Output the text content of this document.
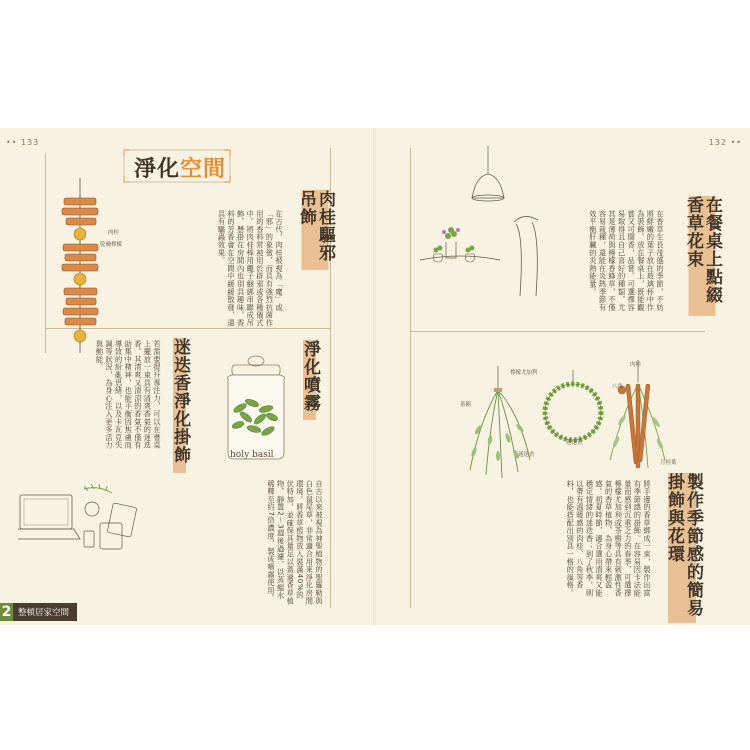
•• 133	132 ••
淨化空間
肉桂
乾燥檸檬	肉桂驅邪吊飾
在古代，肉桂被視為「魔」或「邪」的象徵，而具有強烈抗菌作用的香料常被用於辟邪或各種儀式中。將肉桂棒用繩子綑綁串聯成吊飾，懸掛在房間內也別具趣味，香料的芳香會在空間中緩緩散發，還具有驅蟲效果。
淨化噴霧
holy basil
自古以來被視為神聖植物的聖羅勒與白色鼠尾草，非常適合用來淨化房間環境。將香草植物放入裝滿40%的伏特加，並確保其量足以蓋過香草植物，靜置2～3週後過濾，以蒸餾水稀釋至約7倍濃度，製成噴霧使用。
迷迭香淨化掛飾
若需要提升專注力，可以在書桌上擺放一束具有清爽香氣的迷迭香。其清爽又清涼的香氣不僅有助集中精神，也能平衡因焦慮而導致的紛亂思緒，以及卡瓦克失調等狀況，為身心注入更多活力與動能。
2 整頓居家空間
在餐桌上點綴香草花束
在香草生長茂盛的季節，不妨將鮮嫩的葉子放在玻璃杯中作為裝飾。放在餐桌上，既能觀賞又可聞香，品嘗。可選擇容易取得且自己喜好的種類，尤其是薄荷與檸檬香蜂草，不僅容易栽種，還能在炎熱季節有效平衡肝臟的炎熱能量。
檸檬尤加利
茶樹
迷迭香
迷迭香
肉桂
八角
月桂葉
製作季節感的簡易掛飾與花環
將手邊的香草綁成一束，製作出富有季節感的掛飾。在容易因卡法能量而感到沉重乏力的春季，可選擇檸檬尤加利或茶樹等具有刺激性香氣的香草植物，為身心帶來輕盈感。初夏時節，適合選用清爽又能穩定情緒的迷迭香；到了秋季，則以帶有溫暖感的肉桂、八角等香料，也能搭配出別具一格的風格。
